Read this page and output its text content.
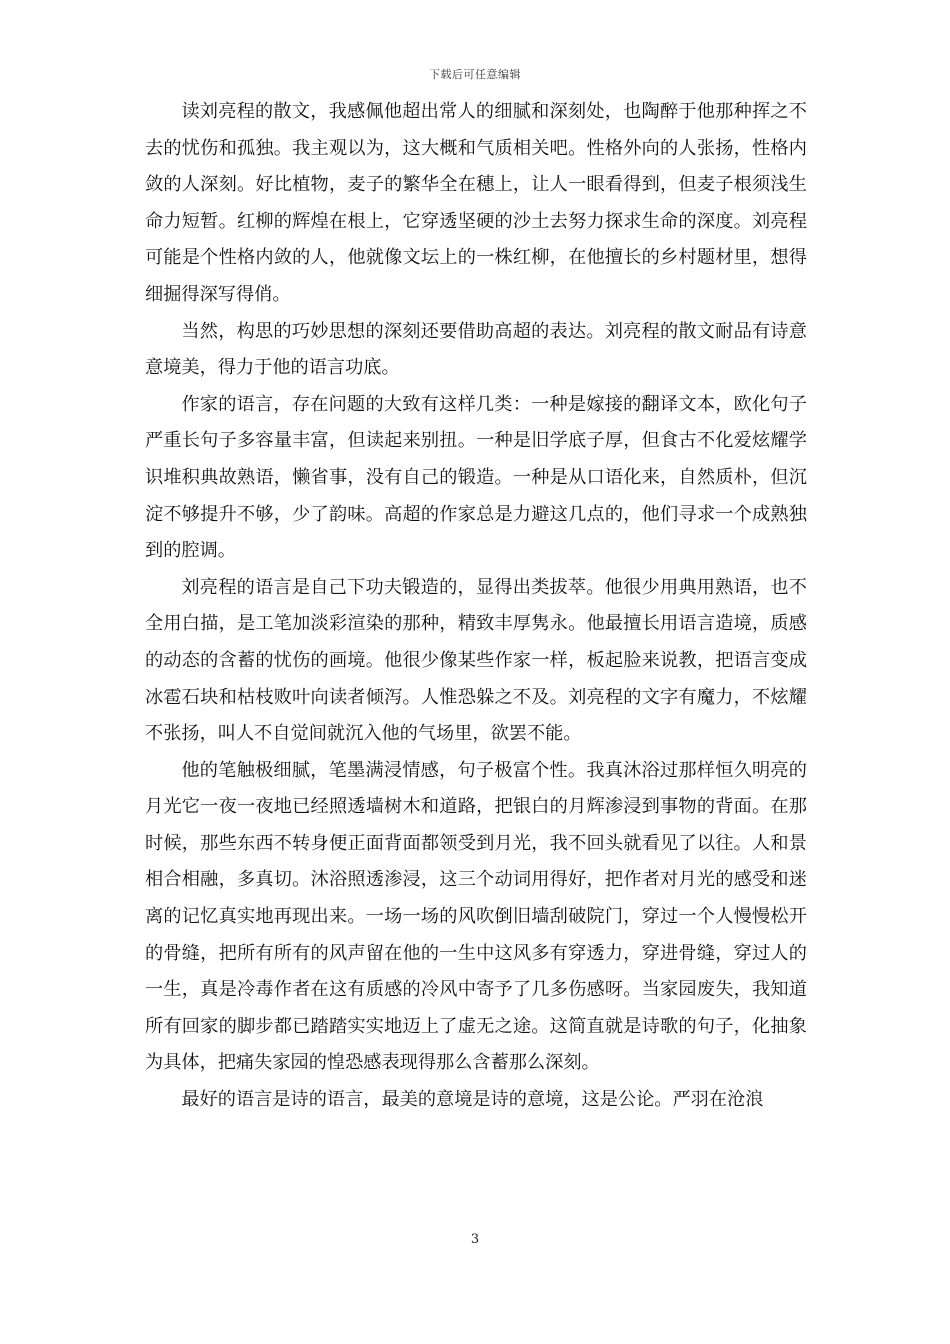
下载后可任意编辑

读刘亮程的散文，我感佩他超出常人的细腻和深刻处，也陶醉于他那种挥之不去的忧伤和孤独。我主观以为，这大概和气质相关吧。性格外向的人张扬，性格内敛的人深刻。好比植物，麦子的繁华全在穗上，让人一眼看得到，但麦子根须浅生命力短暂。红柳的辉煌在根上，它穿透坚硬的沙土去努力探求生命的深度。刘亮程可能是个性格内敛的人，他就像文坛上的一株红柳，在他擅长的乡村题材里，想得细掘得深写得俏。

当然，构思的巧妙思想的深刻还要借助高超的表达。刘亮程的散文耐品有诗意意境美，得力于他的语言功底。

作家的语言，存在问题的大致有这样几类：一种是嫁接的翻译文本，欧化句子严重长句子多容量丰富，但读起来别扭。一种是旧学底子厚，但食古不化爱炫耀学识堆积典故熟语，懒省事，没有自己的锻造。一种是从口语化来，自然质朴，但沉淀不够提升不够，少了韵味。高超的作家总是力避这几点的，他们寻求一个成熟独到的腔调。

刘亮程的语言是自己下功夫锻造的，显得出类拔萃。他很少用典用熟语，也不全用白描，是工笔加淡彩渲染的那种，精致丰厚隽永。他最擅长用语言造境，质感的动态的含蓄的忧伤的画境。他很少像某些作家一样，板起脸来说教，把语言变成冰雹石块和枯枝败叶向读者倾泻。人惟恐躲之不及。刘亮程的文字有魔力，不炫耀不张扬，叫人不自觉间就沉入他的气场里，欲罢不能。

他的笔触极细腻，笔墨满浸情感，句子极富个性。我真沐浴过那样恒久明亮的月光它一夜一夜地已经照透墙树木和道路，把银白的月辉渗浸到事物的背面。在那时候，那些东西不转身便正面背面都领受到月光，我不回头就看见了以往。人和景相合相融，多真切。沐浴照透渗浸，这三个动词用得好，把作者对月光的感受和迷离的记忆真实地再现出来。一场一场的风吹倒旧墙刮破院门，穿过一个人慢慢松开的骨缝，把所有所有的风声留在他的一生中这风多有穿透力，穿进骨缝，穿过人的一生，真是冷毒作者在这有质感的冷风中寄予了几多伤感呀。当家园废失，我知道所有回家的脚步都已踏踏实实地迈上了虚无之途。这简直就是诗歌的句子，化抽象为具体，把痛失家园的惶恐感表现得那么含蓄那么深刻。

最好的语言是诗的语言，最美的意境是诗的意境，这是公论。严羽在沧浪

3
